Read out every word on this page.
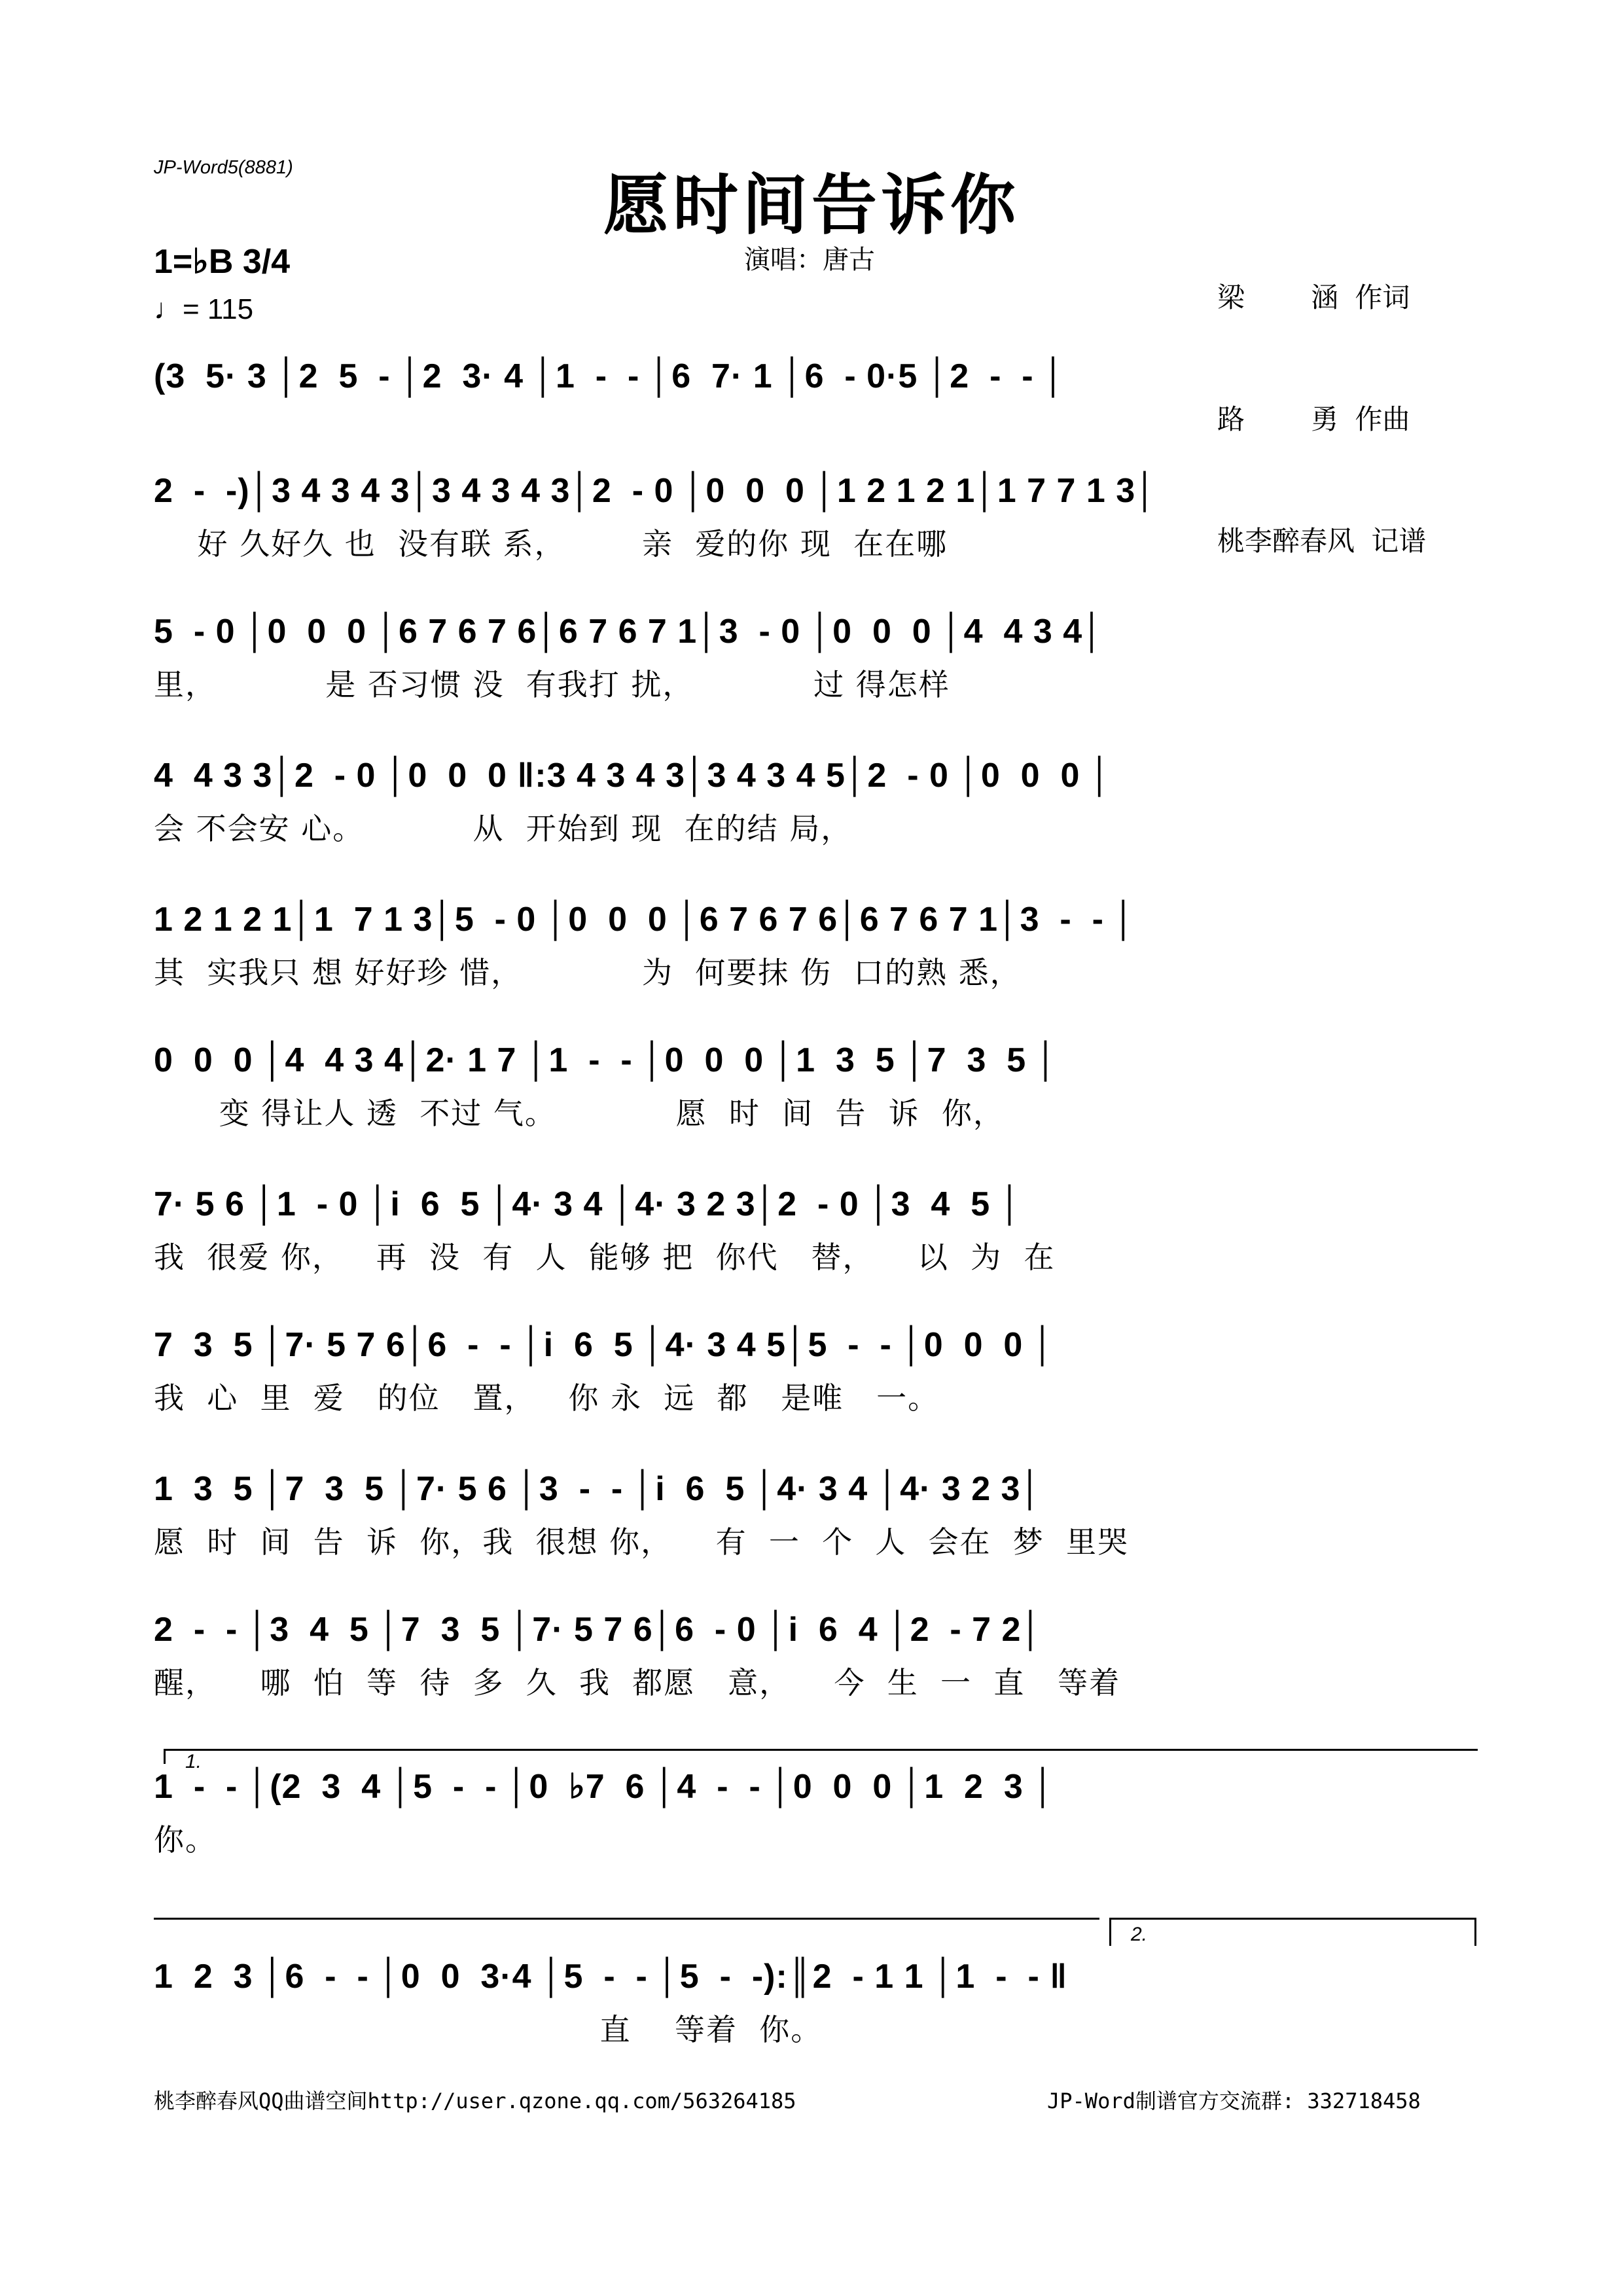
JP-Word5(8881)	愿时间告诉你
演唱：唐古

梁    涵 作词

路    勇 作曲

桃李醉春风 记谱

1=♭B 3/4
♩= 115
(3  5· 3 │2  5  - │2  3· 4 │1  -  - │6  7· 1 │6  - 0·5 │2  -  - │
2  -  -)│3 4 3 4 3│3 4 3 4 3│2  - 0 │0  0  0 │1 2 1 2 1│1 7 7 1 3│
好 久好久 也  没有联 系，       亲  爱的你 现  在在哪
5  - 0 │0  0  0 │6 7 6 7 6│6 7 6 7 1│3  - 0 │0  0  0 │4  4 3 4│
里，          是 否习惯 没  有我打 扰，           过 得怎样
4  4 3 3│2  - 0 │0  0  0 ‖:3 4 3 4 3│3 4 3 4 5│2  - 0 │0  0  0 │
会 不会安 心。          从  开始到 现  在的结 局，
1 2 1 2 1│1  7 1 3│5  - 0 │0  0  0 │6 7 6 7 6│6 7 6 7 1│3  -  - │
其  实我只 想 好好珍 惜，           为  何要抹 伤  口的熟 悉，
0  0  0 │4  4 3 4│2· 1 7 │1  -  - │0  0  0 │1  3  5 │7  3  5 │
变 得让人 透  不过 气。           愿  时  间  告  诉  你，
7· 5 6 │1  - 0 │i  6  5 │4· 3 4 │4· 3 2 3│2  - 0 │3  4  5 │
我  很爱 你，   再  没  有  人  能够 把  你代   替，    以  为  在
7  3  5 │7· 5 7 6│6  -  - │i  6  5 │4· 3 4 5│5  -  - │0  0  0 │
我  心  里  爱   的位   置，   你 永  远  都   是唯   一。
1  3  5 │7  3  5 │7· 5 6 │3  -  - │i  6  5 │4· 3 4 │4· 3 2 3│
愿  时  间  告  诉  你，我  很想 你，    有  一  个  人  会在  梦  里哭
2  -  - │3  4  5 │7  3  5 │7· 5 7 6│6  - 0 │i  6  4 │2  - 7 2│
醒，    哪  怕  等  待  多  久  我  都愿   意，    今  生  一  直   等着
1  -  - │(2  3  4 │5  -  - │0  ♭7  6 │4  -  - │0  0  0 │1  2  3 │
你。
1  2  3 │6  -  - │0  0  3·4 │5  -  - │5  -  -):║2  - 1 1 │1  -  - ‖
直    等着  你。
1.
2.
桃李醉春风QQ曲谱空间http://user.qzone.qq.com/563264185	JP-Word制谱官方交流群: 332718458
